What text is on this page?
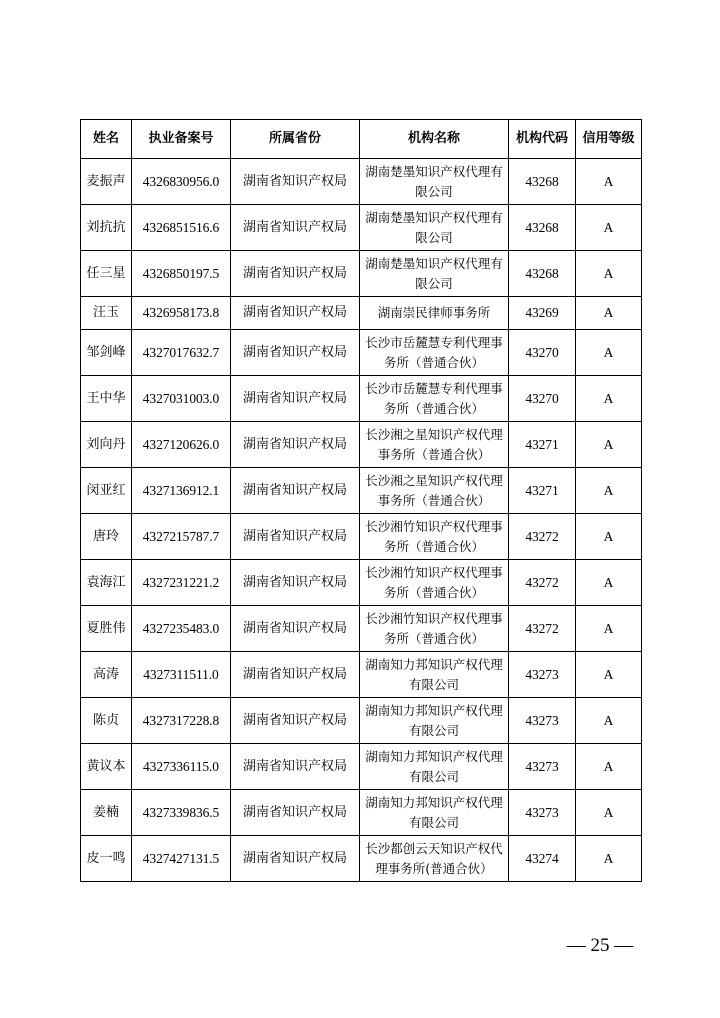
姓名	执业备案号	所属省份	机构名称	机构代码	信用等级
麦振声	4326830956.0	湖南省知识产权局	湖南楚墨知识产权代理有限公司	43268	A
刘抗抗	4326851516.6	湖南省知识产权局	湖南楚墨知识产权代理有限公司	43268	A
任三星	4326850197.5	湖南省知识产权局	湖南楚墨知识产权代理有限公司	43268	A
汪玉	4326958173.8	湖南省知识产权局	湖南崇民律师事务所	43269	A
邹剑峰	4327017632.7	湖南省知识产权局	长沙市岳麓慧专利代理事务所（普通合伙）	43270	A
王中华	4327031003.0	湖南省知识产权局	长沙市岳麓慧专利代理事务所（普通合伙）	43270	A
刘向丹	4327120626.0	湖南省知识产权局	长沙湘之星知识产权代理事务所（普通合伙）	43271	A
闵亚红	4327136912.1	湖南省知识产权局	长沙湘之星知识产权代理事务所（普通合伙）	43271	A
唐玲	4327215787.7	湖南省知识产权局	长沙湘竹知识产权代理事务所（普通合伙）	43272	A
袁海江	4327231221.2	湖南省知识产权局	长沙湘竹知识产权代理事务所（普通合伙）	43272	A
夏胜伟	4327235483.0	湖南省知识产权局	长沙湘竹知识产权代理事务所（普通合伙）	43272	A
高涛	4327311511.0	湖南省知识产权局	湖南知力邦知识产权代理有限公司	43273	A
陈贞	4327317228.8	湖南省知识产权局	湖南知力邦知识产权代理有限公司	43273	A
黄议本	4327336115.0	湖南省知识产权局	湖南知力邦知识产权代理有限公司	43273	A
姜楠	4327339836.5	湖南省知识产权局	湖南知力邦知识产权代理有限公司	43273	A
皮一鸣	4327427131.5	湖南省知识产权局	长沙都创云天知识产权代理事务所(普通合伙）	43274	A
— 25 —
